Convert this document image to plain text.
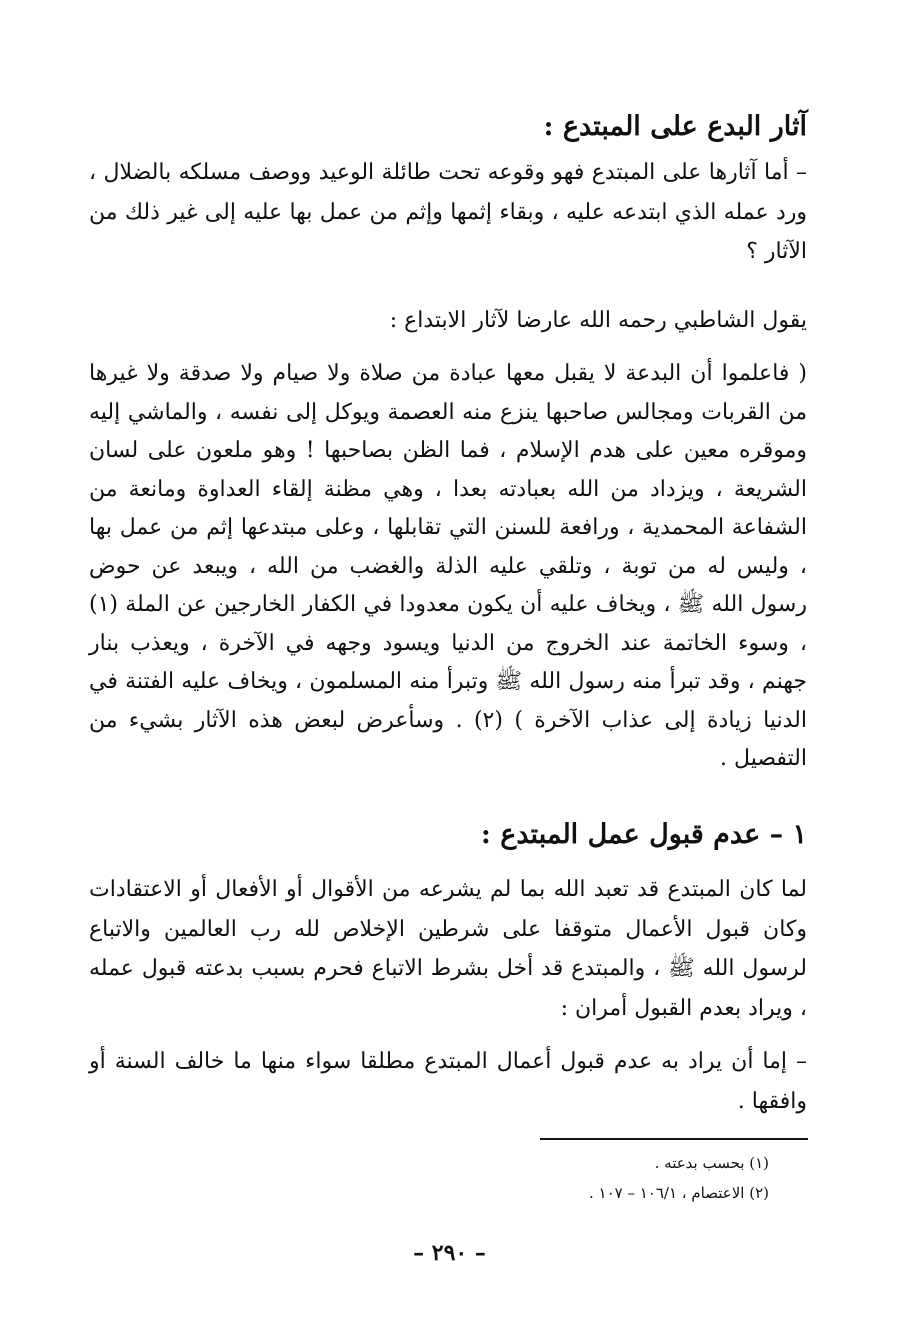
آثار البدع على المبتدع :

– أما آثارها على المبتدع فهو وقوعه تحت طائلة الوعيد ووصف مسلكه بالضلال ، ورد عمله الذي ابتدعه عليه ، وبقاء إثمها وإثم من عمل بها عليه إلى غير ذلك من الآثار ؟

يقول الشاطبي رحمه الله عارضا لآثار الابتداع :

( فاعلموا أن البدعة لا يقبل معها عبادة من صلاة ولا صيام ولا صدقة ولا غيرها من القربات ومجالس صاحبها ينزع منه العصمة ويوكل إلى نفسه ، والماشي إليه وموقره معين على هدم الإسلام ، فما الظن بصاحبها ! وهو ملعون على لسان الشريعة ، ويزداد من الله بعبادته بعدا ، وهي مظنة إلقاء العداوة ومانعة من الشفاعة المحمدية ، ورافعة للسنن التي تقابلها ، وعلى مبتدعها إثم من عمل بها ، وليس له من توبة ، وتلقي عليه الذلة والغضب من الله ، ويبعد عن حوض رسول الله ﷺ ، ويخاف عليه أن يكون معدودا في الكفار الخارجين عن الملة (١) ، وسوء الخاتمة عند الخروج من الدنيا ويسود وجهه في الآخرة ، ويعذب بنار جهنم ، وقد تبرأ منه رسول الله ﷺ وتبرأ منه المسلمون ، ويخاف عليه الفتنة في الدنيا زيادة إلى عذاب الآخرة ) (٢) . وسأعرض لبعض هذه الآثار بشيء من التفصيل .

١ – عدم قبول عمل المبتدع :

لما كان المبتدع قد تعبد الله بما لم يشرعه من الأقوال أو الأفعال أو الاعتقادات وكان قبول الأعمال متوقفا على شرطين الإخلاص لله رب العالمين والاتباع لرسول الله ﷺ ، والمبتدع قد أخل بشرط الاتباع فحرم بسبب بدعته قبول عمله ، ويراد بعدم القبول أمران :

– إما أن يراد به عدم قبول أعمال المبتدع مطلقا سواء منها ما خالف السنة أو وافقها .

(١) بحسب بدعته .
(٢) الاعتصام ، ١٠٦/١ – ١٠٧ .
– ٢٩٠ –
